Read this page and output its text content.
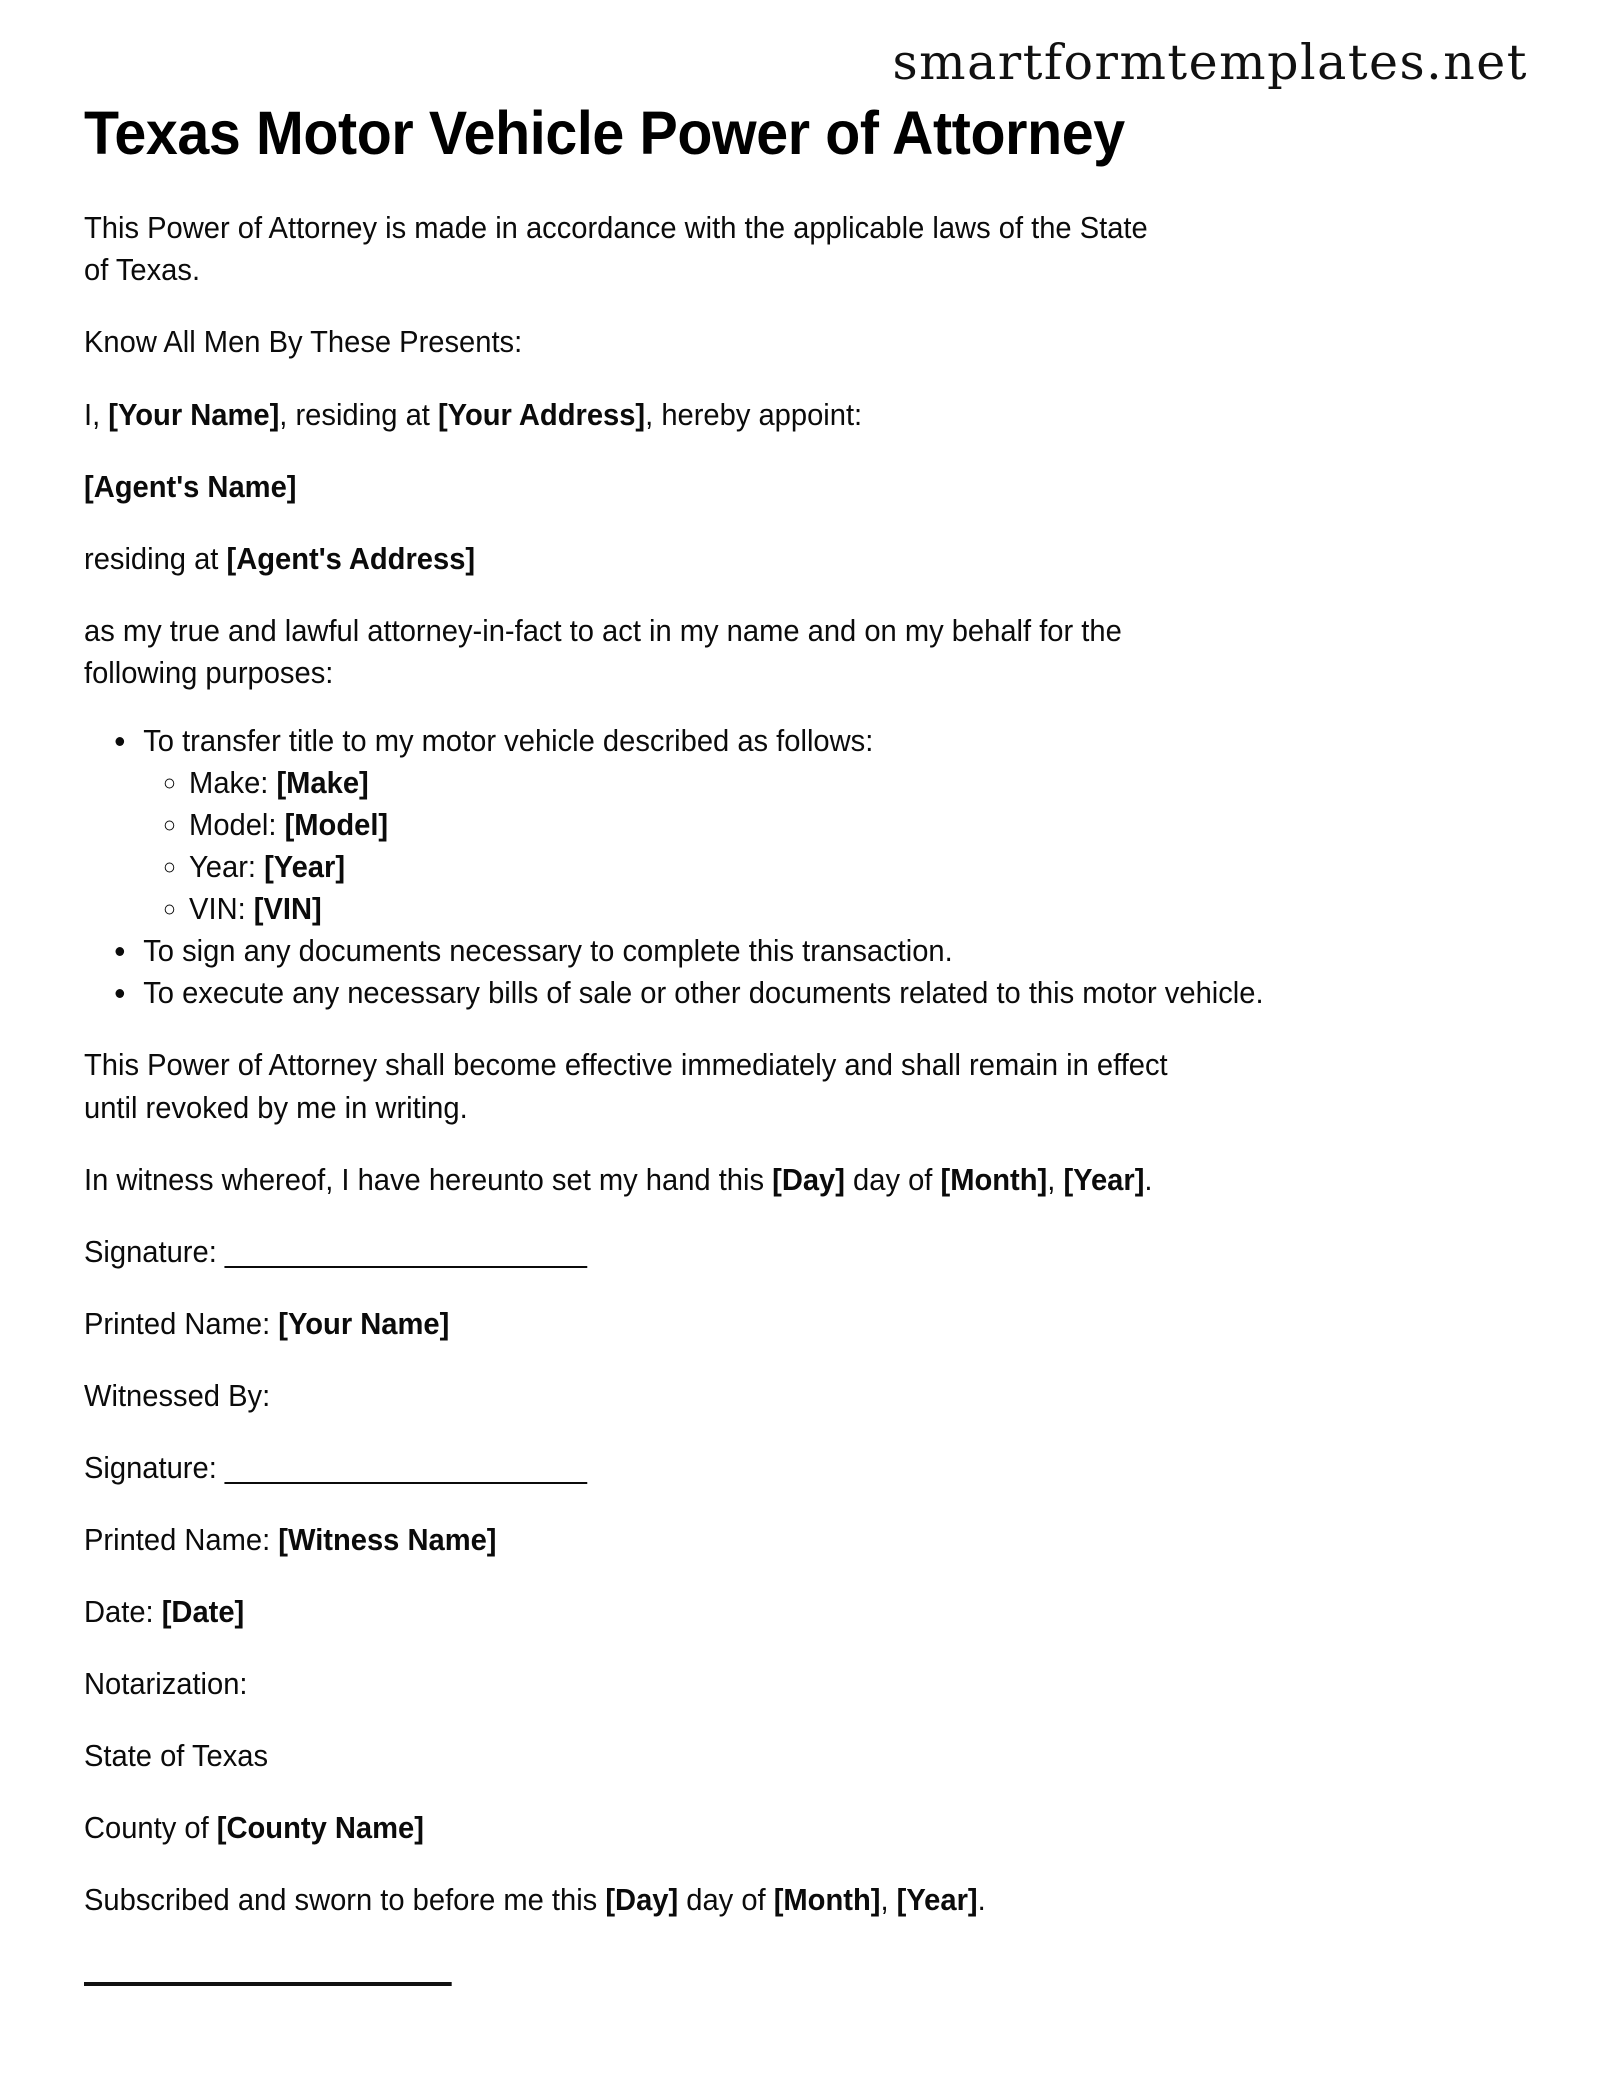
smartformtemplates.net
Texas Motor Vehicle Power of Attorney

This Power of Attorney is made in accordance with the applicable laws of the State of Texas.

Know All Men By These Presents:

I, [Your Name], residing at [Your Address], hereby appoint:

[Agent's Name]

residing at [Agent's Address]

as my true and lawful attorney-in-fact to act in my name and on my behalf for the following purposes:

• To transfer title to my motor vehicle described as follows:
◦ Make: [Make]
◦ Model: [Model]
◦ Year: [Year]
◦ VIN: [VIN]
• To sign any documents necessary to complete this transaction.
• To execute any necessary bills of sale or other documents related to this motor vehicle.

This Power of Attorney shall become effective immediately and shall remain in effect until revoked by me in writing.

In witness whereof, I have hereunto set my hand this [Day] day of [Month], [Year].

Signature: _______________________

Printed Name: [Your Name]

Witnessed By:

Signature: _______________________

Printed Name: [Witness Name]

Date: [Date]

Notarization:

State of Texas

County of [County Name]

Subscribed and sworn to before me this [Day] day of [Month], [Year].
